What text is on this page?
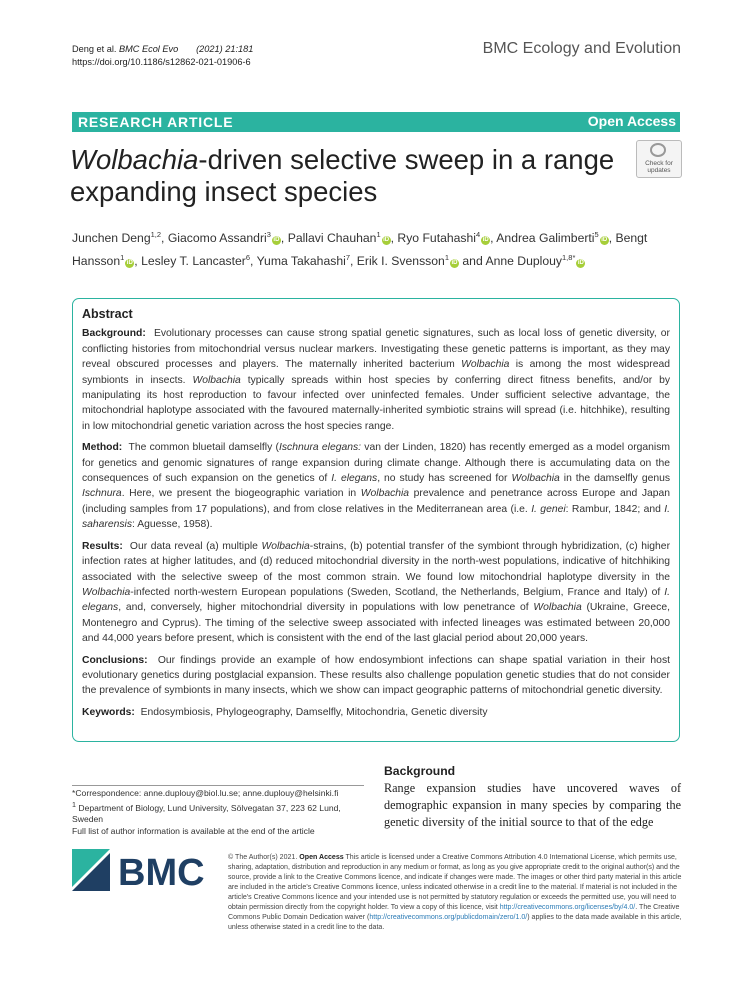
Deng et al. BMC Ecol Evo (2021) 21:181
https://doi.org/10.1186/s12862-021-01906-6
BMC Ecology and Evolution
RESEARCH ARTICLE	Open Access
Wolbachia-driven selective sweep in a range expanding insect species
Check for
updates
Junchen Deng$^{1,2}$, Giacomo Assandri$^3$iD , Pallavi Chauhan$^1$iD , Ryo Futahashi$^4$iD , Andrea Galimberti$^5$iD , Bengt Hansson$^1$iD , Lesley T. Lancaster$^6$, Yuma Takahashi$^7$, Erik I. Svensson$^1$iD and Anne Duplouy$^{1,8*}$iD
Abstract

Background: Evolutionary processes can cause strong spatial genetic signatures, such as local loss of genetic diversity, or conflicting histories from mitochondrial versus nuclear markers. Investigating these genetic patterns is important, as they may reveal obscured processes and players. The maternally inherited bacterium Wolbachia is among the most widespread symbionts in insects. Wolbachia typically spreads within host species by conferring direct fitness benefits, and/or by manipulating its host reproduction to favour infected over uninfected females. Under sufficient selective advantage, the mitochondrial haplotype associated with the favoured maternally-inherited symbiotic strains will spread (i.e. hitchhike), resulting in low mitochondrial genetic variation across the host species range.

Method: The common bluetail damselfly (Ischnura elegans: van der Linden, 1820) has recently emerged as a model organism for genetics and genomic signatures of range expansion during climate change. Although there is accumulating data on the consequences of such expansion on the genetics of I. elegans, no study has screened for Wolbachia in the damselfly genus Ischnura. Here, we present the biogeographic variation in Wolbachia prevalence and penetrance across Europe and Japan (including samples from 17 populations), and from close relatives in the Mediterranean area (i.e. I. genei: Rambur, 1842; and I. saharensis: Aguesse, 1958).

Results: Our data reveal (a) multiple Wolbachia-strains, (b) potential transfer of the symbiont through hybridization, (c) higher infection rates at higher latitudes, and (d) reduced mitochondrial diversity in the north-west populations, indicative of hitchhiking associated with the selective sweep of the most common strain. We found low mitochondrial haplotype diversity in the Wolbachia-infected north-western European populations (Sweden, Scotland, the Netherlands, Belgium, France and Italy) of I. elegans, and, conversely, higher mitochondrial diversity in populations with low penetrance of Wolbachia (Ukraine, Greece, Montenegro and Cyprus). The timing of the selective sweep associated with infected lineages was estimated between 20,000 and 44,000 years before present, which is consistent with the end of the last glacial period about 20,000 years.

Conclusions: Our findings provide an example of how endosymbiont infections can shape spatial variation in their host evolutionary genetics during postglacial expansion. These results also challenge population genetic studies that do not consider the prevalence of symbionts in many insects, which we show can impact geographic patterns of mitochondrial genetic diversity.

Keywords: Endosymbiosis, Phylogeography, Damselfly, Mitochondria, Genetic diversity

*Correspondence: anne.duplouy@biol.lu.se; anne.duplouy@helsinki.fi
$^1$ Department of Biology, Lund University, Sölvegatan 37, 223 62 Lund, Sweden
Full list of author information is available at the end of the article
Background
Range expansion studies have uncovered waves of demographic expansion in many species by comparing the genetic diversity of the initial source to that of the edge
BMC	© The Author(s) 2021. Open Access This article is licensed under a Creative Commons Attribution 4.0 International License, which permits use, sharing, adaptation, distribution and reproduction in any medium or format, as long as you give appropriate credit to the original author(s) and the source, provide a link to the Creative Commons licence, and indicate if changes were made. The images or other third party material in this article are included in the article's Creative Commons licence, unless indicated otherwise in a credit line to the material. If material is not included in the article's Creative Commons licence and your intended use is not permitted by statutory regulation or exceeds the permitted use, you will need to obtain permission directly from the copyright holder. To view a copy of this licence, visit http://creativecommons.org/licenses/by/4.0/. The Creative Commons Public Domain Dedication waiver (http://creativecommons.org/publicdomain/zero/1.0/) applies to the data made available in this article, unless otherwise stated in a credit line to the data.
